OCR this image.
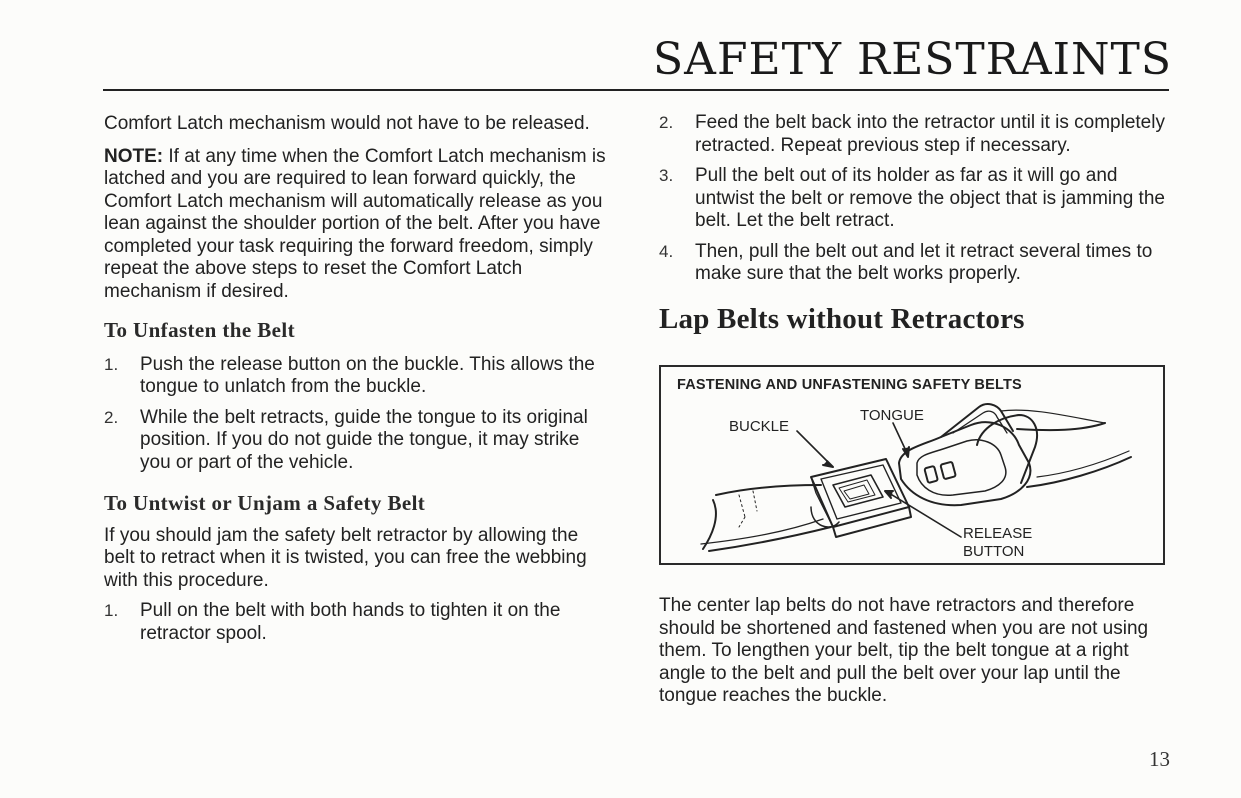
SAFETY RESTRAINTS

Comfort Latch mechanism would not have to be released.

NOTE: If at any time when the Comfort Latch mechanism is latched and you are required to lean forward quickly, the Comfort Latch mechanism will automatically release as you lean against the shoulder portion of the belt. After you have completed your task requiring the forward freedom, simply repeat the above steps to reset the Comfort Latch mechanism if desired.

To Unfasten the Belt
1. Push the release button on the buckle. This allows the tongue to unlatch from the buckle.
2. While the belt retracts, guide the tongue to its original position. If you do not guide the tongue, it may strike you or part of the vehicle.
To Untwist or Unjam a Safety Belt

If you should jam the safety belt retractor by allowing the belt to retract when it is twisted, you can free the webbing with this procedure.

1. Pull on the belt with both hands to tighten it on the retractor spool.
2. Feed the belt back into the retractor until it is completely retracted. Repeat previous step if necessary.
3. Pull the belt out of its holder as far as it will go and untwist the belt or remove the object that is jamming the belt. Let the belt retract.
4. Then, pull the belt out and let it retract several times to make sure that the belt works properly.
Lap Belts without Retractors
FASTENING AND UNFASTENING SAFETY BELTS
BUCKLE
TONGUE
RELEASE
BUTTON

The center lap belts do not have retractors and therefore should be shortened and fastened when you are not using them. To lengthen your belt, tip the belt tongue at a right angle to the belt and pull the belt over your lap until the tongue reaches the buckle.

13
